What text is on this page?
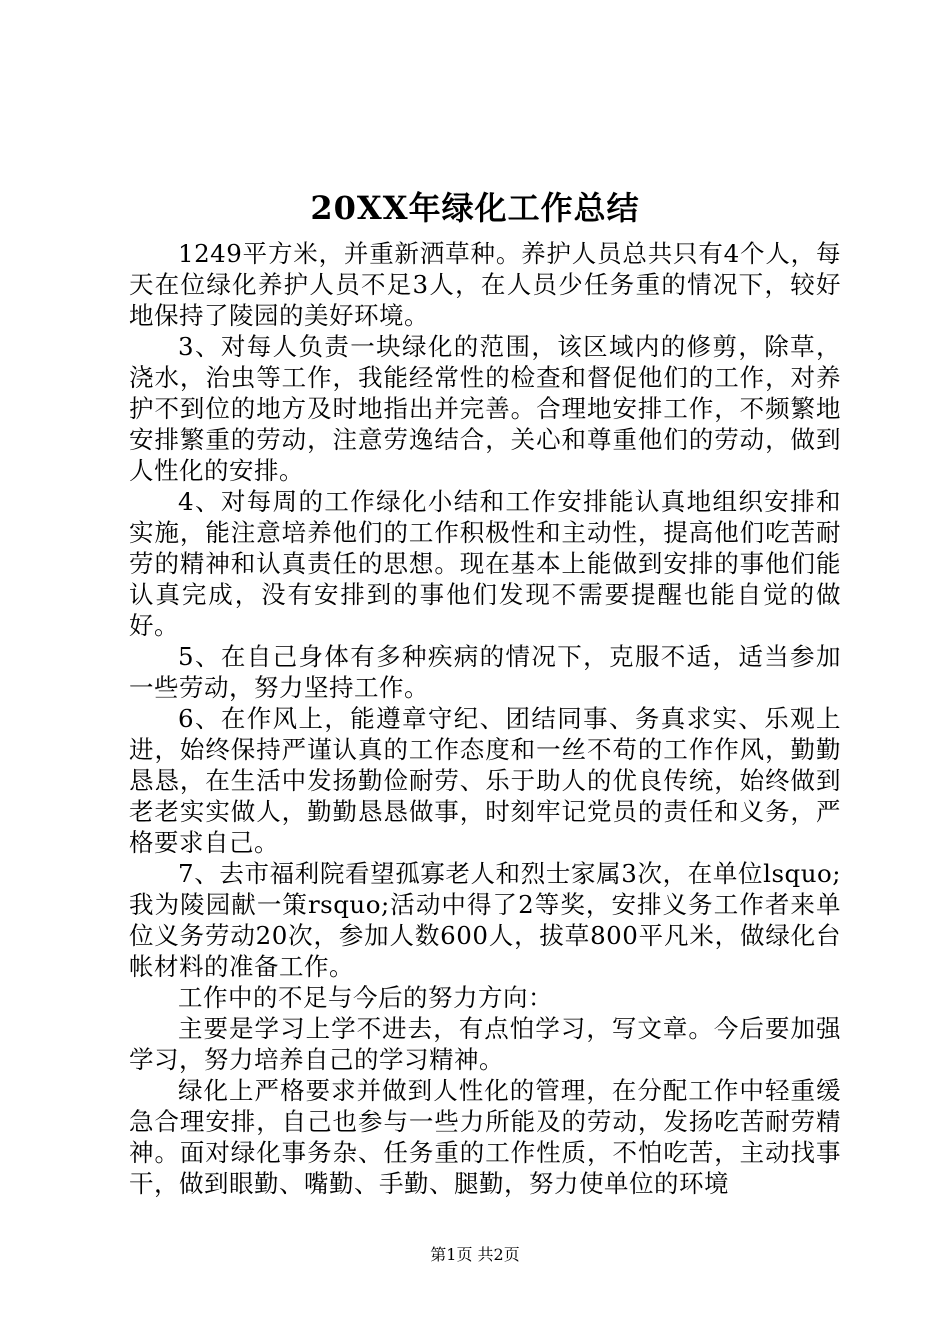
20XX年绿化工作总结

1249平方米，并重新洒草种。养护人员总共只有4个人，每天在位绿化养护人员不足3人，在人员少任务重的情况下，较好地保持了陵园的美好环境。

3、对每人负责一块绿化的范围，该区域内的修剪，除草，浇水，治虫等工作，我能经常性的检查和督促他们的工作，对养护不到位的地方及时地指出并完善。合理地安排工作，不频繁地安排繁重的劳动，注意劳逸结合，关心和尊重他们的劳动，做到人性化的安排。

4、对每周的工作绿化小结和工作安排能认真地组织安排和实施，能注意培养他们的工作积极性和主动性，提高他们吃苦耐劳的精神和认真责任的思想。现在基本上能做到安排的事他们能认真完成，没有安排到的事他们发现不需要提醒也能自觉的做好。

5、在自己身体有多种疾病的情况下，克服不适，适当参加一些劳动，努力坚持工作。

6、在作风上，能遵章守纪、团结同事、务真求实、乐观上进，始终保持严谨认真的工作态度和一丝不苟的工作作风，勤勤恳恳，在生活中发扬勤俭耐劳、乐于助人的优良传统，始终做到老老实实做人，勤勤恳恳做事，时刻牢记党员的责任和义务，严格要求自己。

7、去市福利院看望孤寡老人和烈士家属3次，在单位lsquo;我为陵园献一策rsquo;活动中得了2等奖，安排义务工作者来单位义务劳动20次，参加人数600人，拔草800平凡米，做绿化台帐材料的准备工作。

工作中的不足与今后的努力方向：

主要是学习上学不进去，有点怕学习，写文章。今后要加强学习，努力培养自己的学习精神。

绿化上严格要求并做到人性化的管理，在分配工作中轻重缓急合理安排，自己也参与一些力所能及的劳动，发扬吃苦耐劳精神。面对绿化事务杂、任务重的工作性质，不怕吃苦，主动找事干，做到眼勤、嘴勤、手勤、腿勤，努力使单位的环境

第1页 共2页
